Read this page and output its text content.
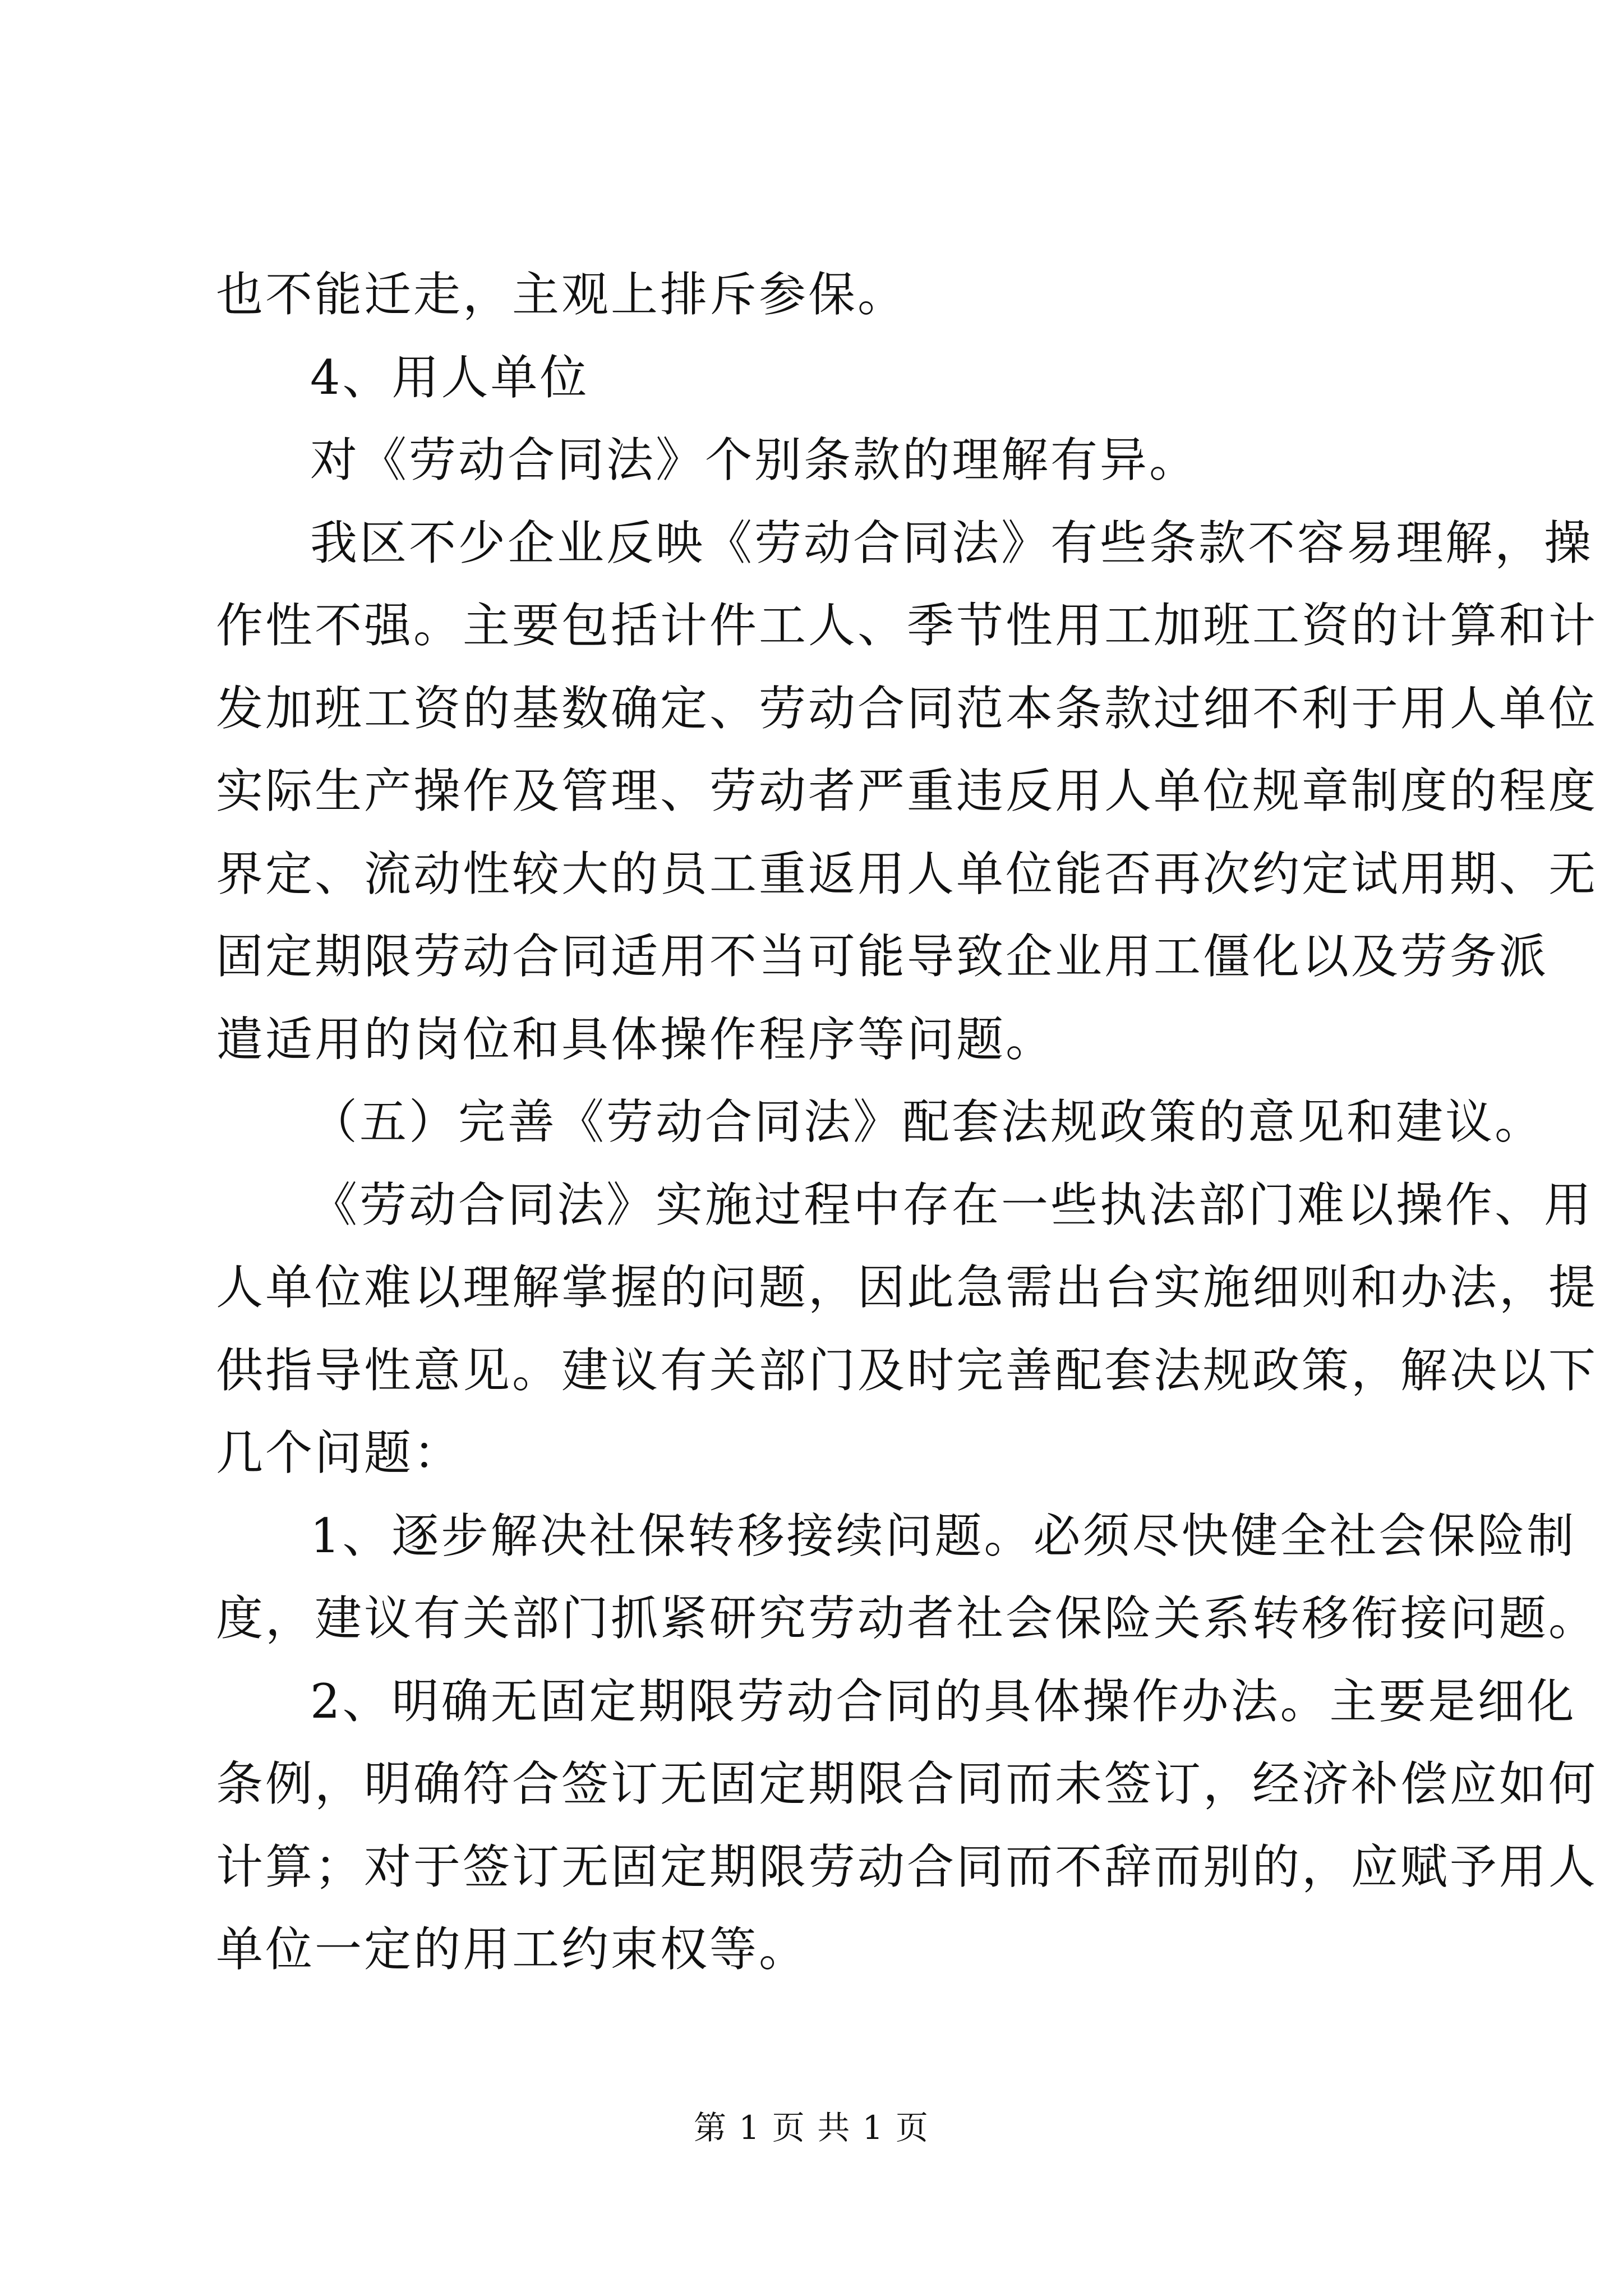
也不能迁走，主观上排斥参保。

4、用人单位

对《劳动合同法》个别条款的理解有异。

我区不少企业反映《劳动合同法》有些条款不容易理解，操

作性不强。主要包括计件工人、季节性用工加班工资的计算和计

发加班工资的基数确定、劳动合同范本条款过细不利于用人单位

实际生产操作及管理、劳动者严重违反用人单位规章制度的程度

界定、流动性较大的员工重返用人单位能否再次约定试用期、无

固定期限劳动合同适用不当可能导致企业用工僵化以及劳务派

遣适用的岗位和具体操作程序等问题。

（五）完善《劳动合同法》配套法规政策的意见和建议。

《劳动合同法》实施过程中存在一些执法部门难以操作、用

人单位难以理解掌握的问题，因此急需出台实施细则和办法，提

供指导性意见。建议有关部门及时完善配套法规政策，解决以下

几个问题：

1、逐步解决社保转移接续问题。必须尽快健全社会保险制

度，建议有关部门抓紧研究劳动者社会保险关系转移衔接问题。

2、明确无固定期限劳动合同的具体操作办法。主要是细化

条例，明确符合签订无固定期限合同而未签订，经济补偿应如何

计算；对于签订无固定期限劳动合同而不辞而别的，应赋予用人

单位一定的用工约束权等。

第 1 页 共 1 页
